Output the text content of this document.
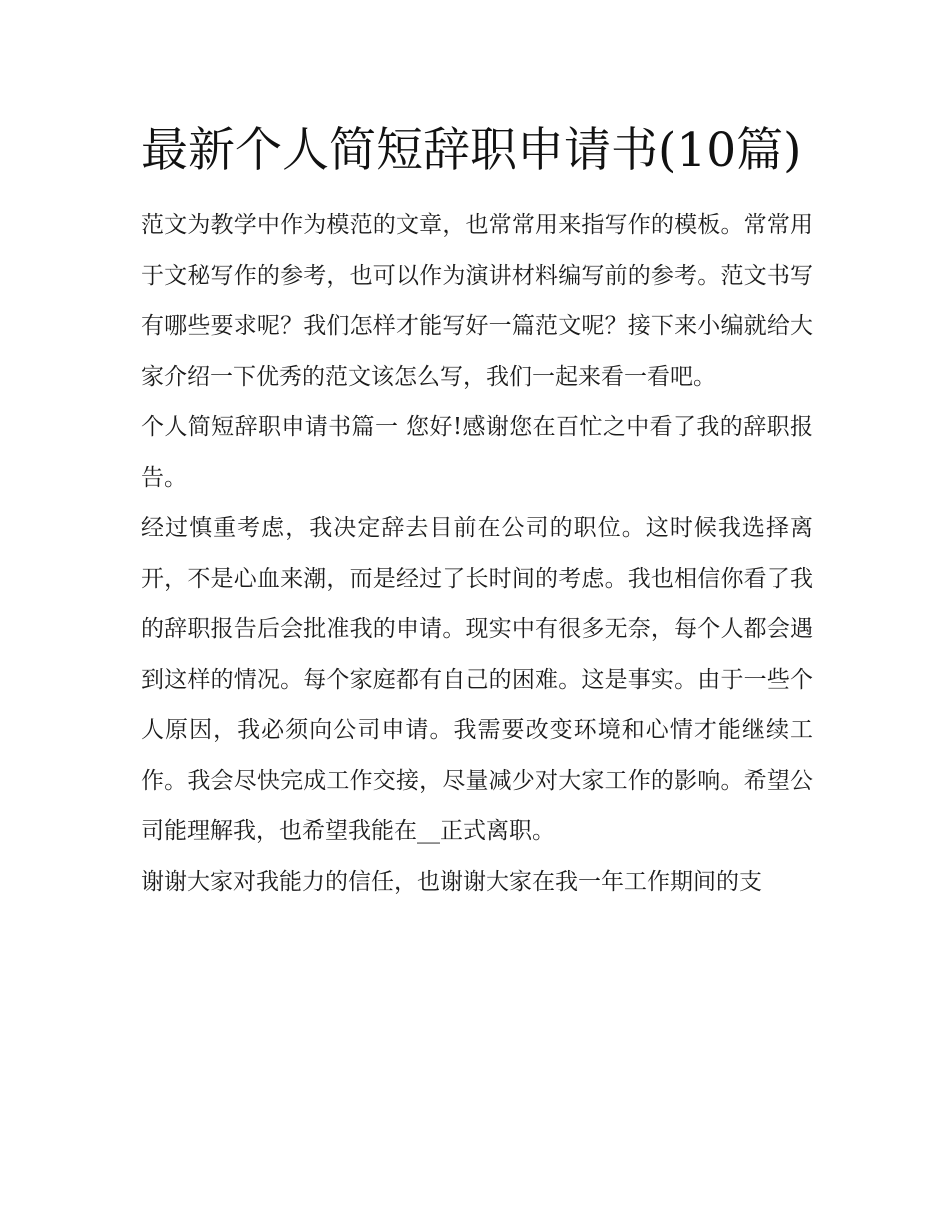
最新个人简短辞职申请书(10篇)

范文为教学中作为模范的文章，也常常用来指写作的模板。常常用于文秘写作的参考，也可以作为演讲材料编写前的参考。范文书写有哪些要求呢？我们怎样才能写好一篇范文呢？接下来小编就给大家介绍一下优秀的范文该怎么写，我们一起来看一看吧。

个人简短辞职申请书篇一 您好!感谢您在百忙之中看了我的辞职报告。

经过慎重考虑，我决定辞去目前在公司的职位。这时候我选择离开，不是心血来潮，而是经过了长时间的考虑。我也相信你看了我的辞职报告后会批准我的申请。现实中有很多无奈，每个人都会遇到这样的情况。每个家庭都有自己的困难。这是事实。由于一些个人原因，我必须向公司申请。我需要改变环境和心情才能继续工作。我会尽快完成工作交接，尽量减少对大家工作的影响。希望公司能理解我，也希望我能在__正式离职。

谢谢大家对我能力的信任，也谢谢大家在我一年工作期间的支
